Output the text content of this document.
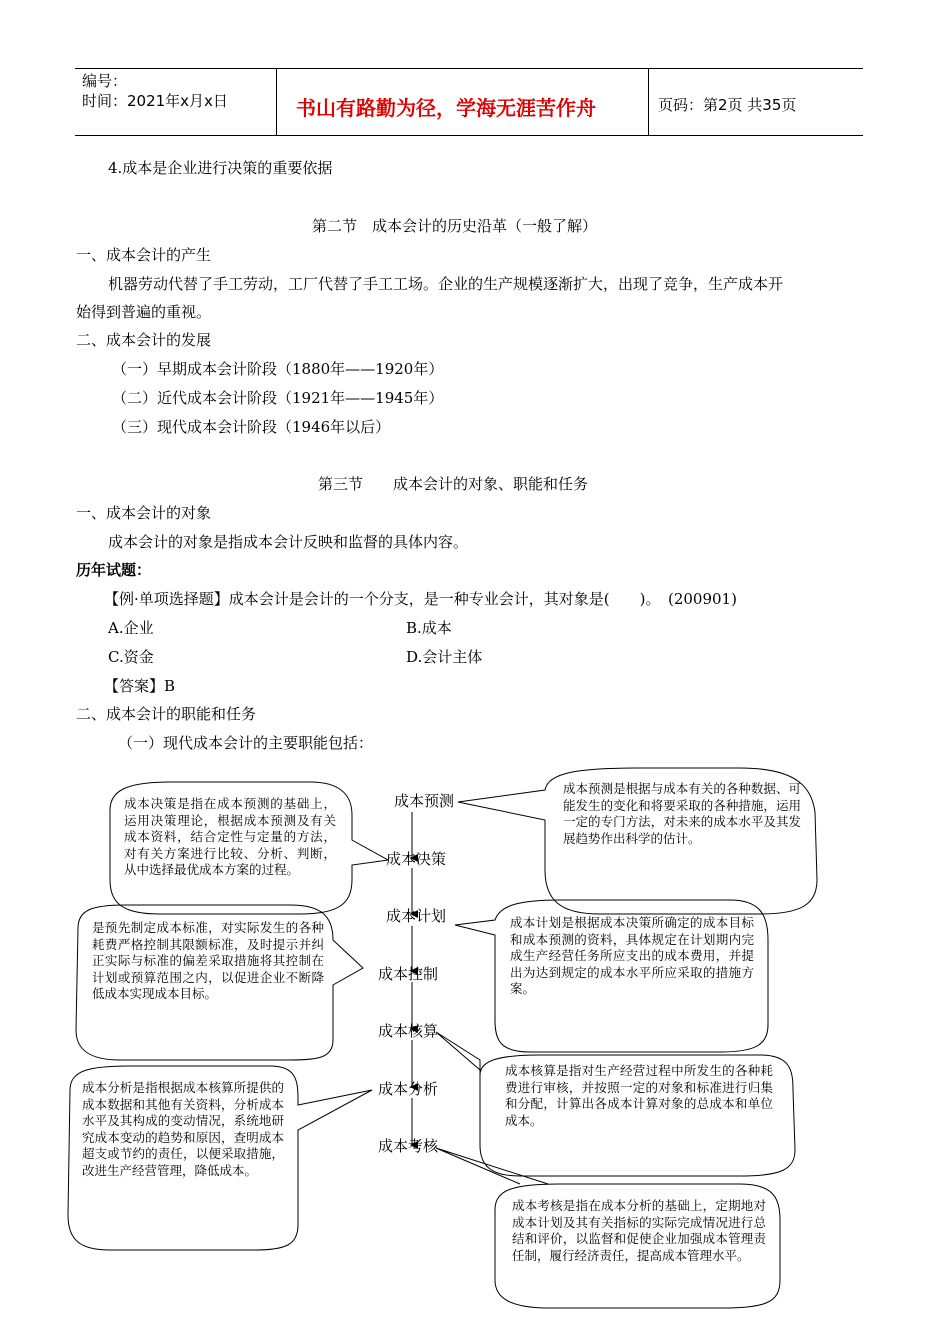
编号：
时间：2021年x月x日	书山有路勤为径，学海无涯苦作舟	页码：第2页 共35页
4.成本是企业进行决策的重要依据
第二节　成本会计的历史沿革（一般了解）
一、成本会计的产生
机器劳动代替了手工劳动，工厂代替了手工工场。企业的生产规模逐渐扩大，出现了竞争，生产成本开
始得到普遍的重视。
二、成本会计的发展
（一）早期成本会计阶段（1880年——1920年）
（二）近代成本会计阶段（1921年——1945年）
（三）现代成本会计阶段（1946年以后）
第三节　　成本会计的对象、职能和任务
一、成本会计的对象
成本会计的对象是指成本会计反映和监督的具体内容。
历年试题：
【例·单项选择题】成本会计是会计的一个分支，是一种专业会计，其对象是(　　)。　(200901)
A.企业	B.成本
C.资金	D.会计主体
【答案】B
二、成本会计的职能和任务
（一）现代成本会计的主要职能包括：
成本预测
成本决策
成本计划
成本控制
成本核算
成本分析
成本考核
成本预测是根据与成本有关的各种数据、可能发生的变化和将要采取的各种措施，运用一定的专门方法，对未来的成本水平及其发展趋势作出科学的估计。
成本决策是指在成本预测的基础上，运用决策理论，根据成本预测及有关成本资料，结合定性与定量的方法，对有关方案进行比较、分析、判断，从中选择最优成本方案的过程。
是预先制定成本标准，对实际发生的各种耗费严格控制其限额标准，及时提示并纠正实际与标准的偏差采取措施将其控制在计划或预算范围之内，以促进企业不断降低成本实现成本目标。
成本计划是根据成本决策所确定的成本目标和成本预测的资料，具体规定在计划期内完成生产经营任务所应支出的成本费用，并提出为达到规定的成本水平所应采取的措施方案。
成本核算是指对生产经营过程中所发生的各种耗费进行审核，并按照一定的对象和标准进行归集和分配，计算出各成本计算对象的总成本和单位成本。
成本分析是指根据成本核算所提供的成本数据和其他有关资料，分析成本水平及其构成的变动情况，系统地研究成本变动的趋势和原因，查明成本超支或节约的责任，以便采取措施，改进生产经营管理，降低成本。
成本考核是指在成本分析的基础上，定期地对成本计划及其有关指标的实际完成情况进行总结和评价，以监督和促使企业加强成本管理责任制，履行经济责任，提高成本管理水平。
